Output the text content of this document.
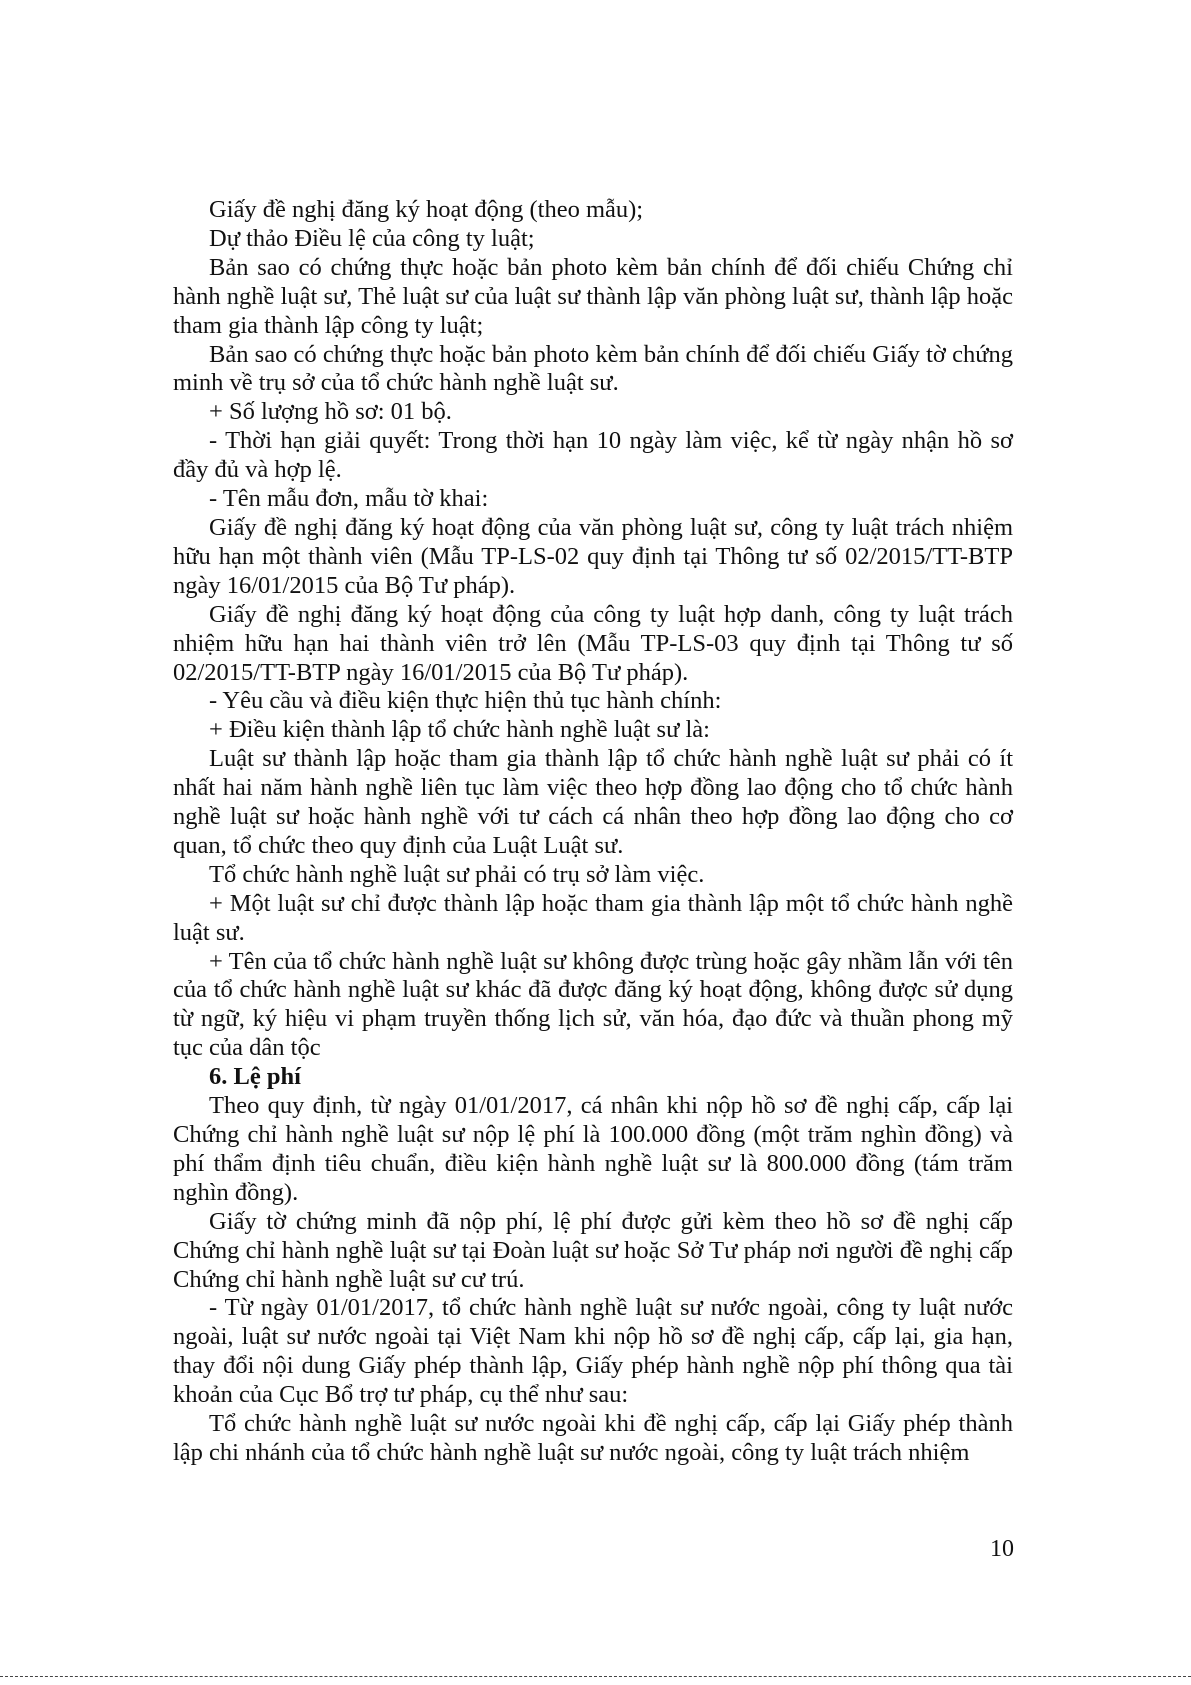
Giấy đề nghị đăng ký hoạt động (theo mẫu);

Dự thảo Điều lệ của công ty luật;

Bản sao có chứng thực hoặc bản photo kèm bản chính để đối chiếu Chứng chỉ hành nghề luật sư, Thẻ luật sư của luật sư thành lập văn phòng luật sư, thành lập hoặc tham gia thành lập công ty luật;

Bản sao có chứng thực hoặc bản photo kèm bản chính để đối chiếu Giấy tờ chứng minh về trụ sở của tổ chức hành nghề luật sư.

+ Số lượng hồ sơ: 01 bộ.

- Thời hạn giải quyết: Trong thời hạn 10 ngày làm việc, kể từ ngày nhận hồ sơ đầy đủ và hợp lệ.

- Tên mẫu đơn, mẫu tờ khai:

Giấy đề nghị đăng ký hoạt động của văn phòng luật sư, công ty luật trách nhiệm hữu hạn một thành viên (Mẫu TP-LS-02 quy định tại Thông tư số 02/2015/TT-BTP ngày 16/01/2015 của Bộ Tư pháp).

Giấy đề nghị đăng ký hoạt động của công ty luật hợp danh, công ty luật trách nhiệm hữu hạn hai thành viên trở lên (Mẫu TP-LS-03 quy định tại Thông tư số 02/2015/TT-BTP ngày 16/01/2015 của Bộ Tư pháp).

- Yêu cầu và điều kiện thực hiện thủ tục hành chính:

+ Điều kiện thành lập tổ chức hành nghề luật sư là:

Luật sư thành lập hoặc tham gia thành lập tổ chức hành nghề luật sư phải có ít nhất hai năm hành nghề liên tục làm việc theo hợp đồng lao động cho tổ chức hành nghề luật sư hoặc hành nghề với tư cách cá nhân theo hợp đồng lao động cho cơ quan, tổ chức theo quy định của Luật Luật sư.

Tổ chức hành nghề luật sư phải có trụ sở làm việc.

+ Một luật sư chỉ được thành lập hoặc tham gia thành lập một tổ chức hành nghề luật sư.

+ Tên của tổ chức hành nghề luật sư không được trùng hoặc gây nhầm lẫn với tên của tổ chức hành nghề luật sư khác đã được đăng ký hoạt động, không được sử dụng từ ngữ, ký hiệu vi phạm truyền thống lịch sử, văn hóa, đạo đức và thuần phong mỹ tục của dân tộc

6. Lệ phí

Theo quy định, từ ngày 01/01/2017, cá nhân khi nộp hồ sơ đề nghị cấp, cấp lại Chứng chỉ hành nghề luật sư nộp lệ phí là 100.000 đồng (một trăm nghìn đồng) và phí thẩm định tiêu chuẩn, điều kiện hành nghề luật sư là 800.000 đồng (tám trăm nghìn đồng).

Giấy tờ chứng minh đã nộp phí, lệ phí được gửi kèm theo hồ sơ đề nghị cấp Chứng chỉ hành nghề luật sư tại Đoàn luật sư hoặc Sở Tư pháp nơi người đề nghị cấp Chứng chỉ hành nghề luật sư cư trú.

- Từ ngày 01/01/2017, tổ chức hành nghề luật sư nước ngoài, công ty luật nước ngoài, luật sư nước ngoài tại Việt Nam khi nộp hồ sơ đề nghị cấp, cấp lại, gia hạn, thay đổi nội dung Giấy phép thành lập, Giấy phép hành nghề nộp phí thông qua tài khoản của Cục Bổ trợ tư pháp, cụ thể như sau:

Tổ chức hành nghề luật sư nước ngoài khi đề nghị cấp, cấp lại Giấy phép thành lập chi nhánh của tổ chức hành nghề luật sư nước ngoài, công ty luật trách nhiệm

10
